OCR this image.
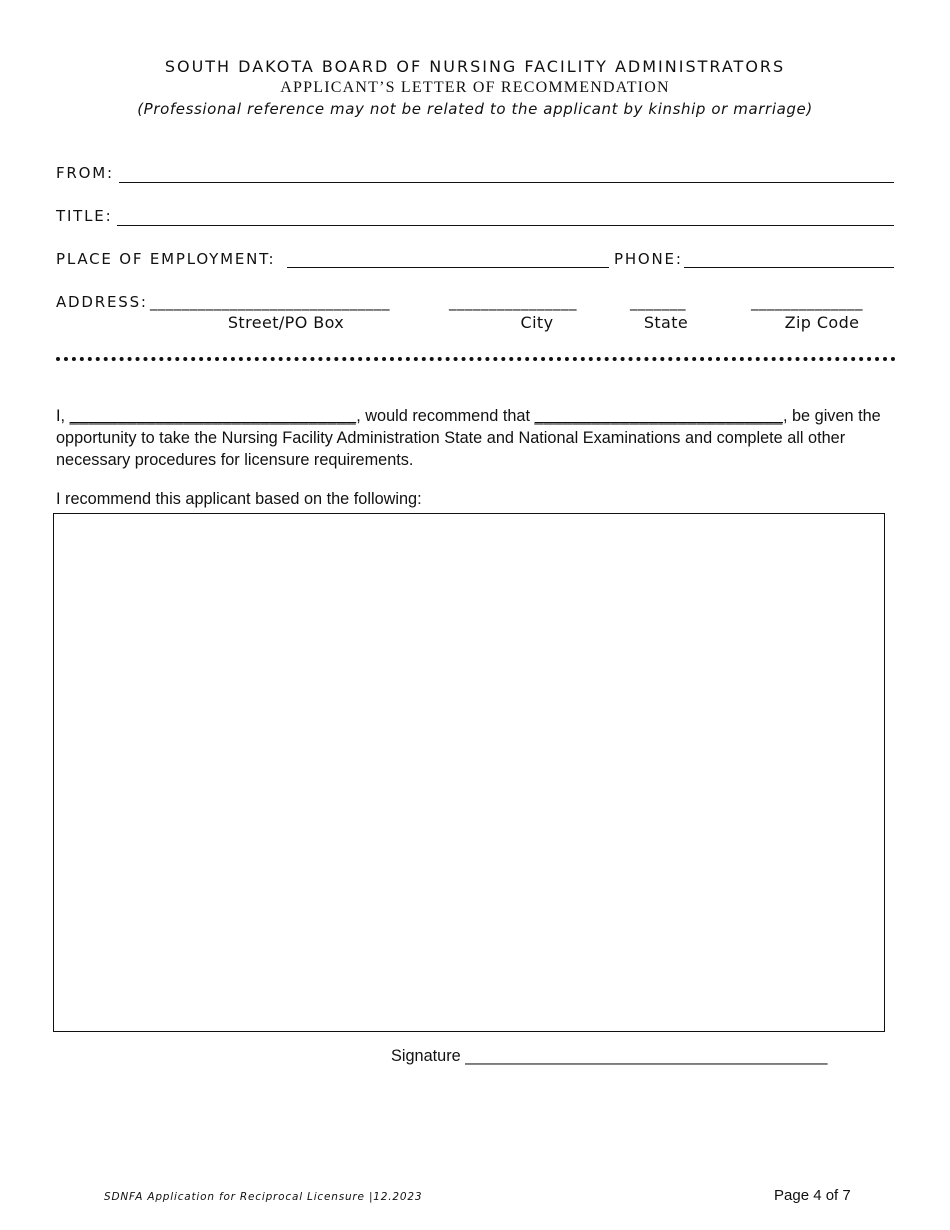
SOUTH DAKOTA BOARD OF NURSING FACILITY ADMINISTRATORS
APPLICANT’S LETTER OF RECOMMENDATION
(Professional reference may not be related to the applicant by kinship or marriage)
FROM:
TITLE:
PLACE OF EMPLOYMENT:	PHONE:
ADDRESS: ______________________________	________________	_______	______________
Street/PO Box	City	State	Zip Code
I, ______________________________, would recommend that __________________________, be given the opportunity to take the Nursing Facility Administration State and National Examinations and complete all other necessary procedures for licensure requirements.
I recommend this applicant based on the following:
Signature ________________________________________
SDNFA Application for Reciprocal Licensure |12.2023	Page 4 of 7
